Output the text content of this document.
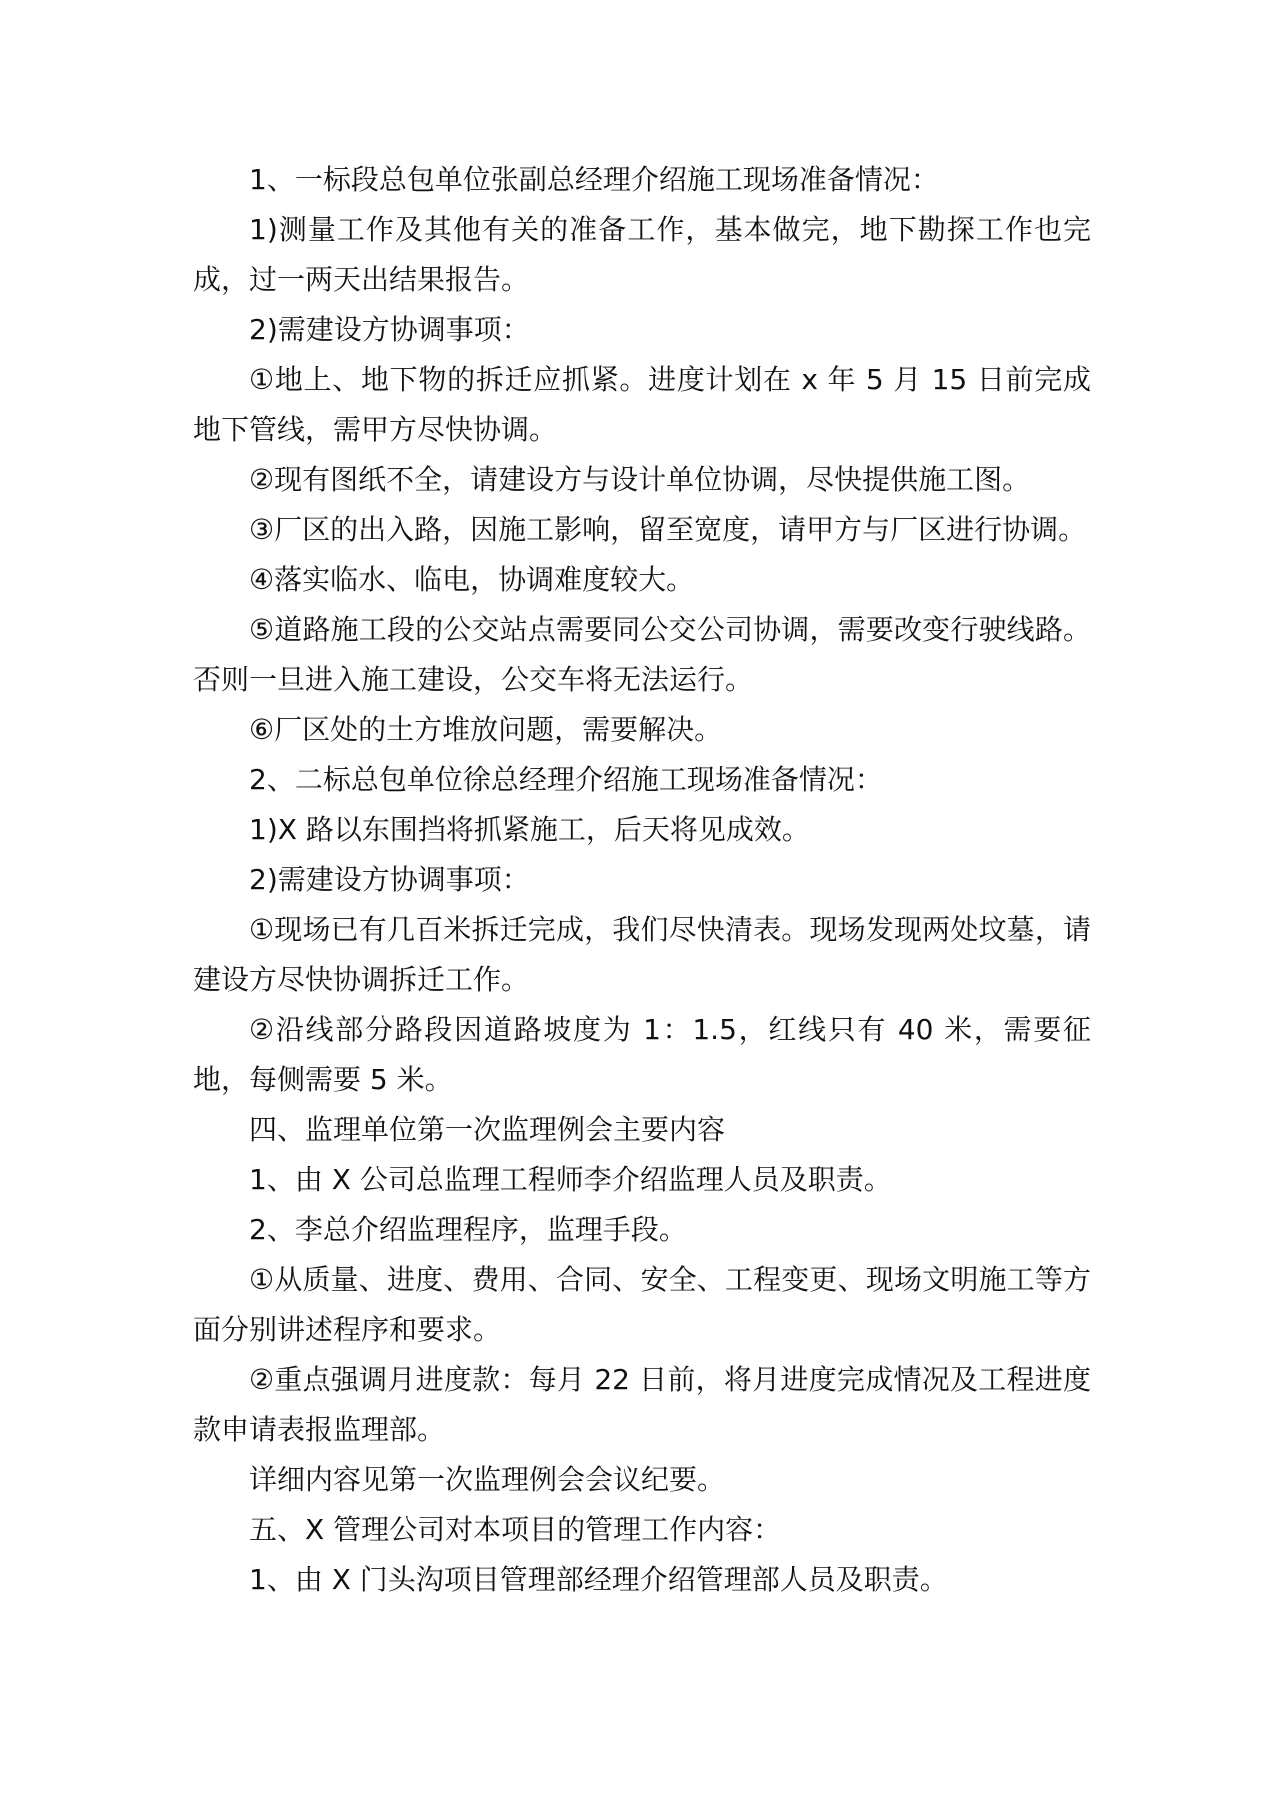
1、一标段总包单位张副总经理介绍施工现场准备情况：

1)测量工作及其他有关的准备工作，基本做完，地下勘探工作也完成，过一两天出结果报告。

2)需建设方协调事项：

①地上、地下物的拆迁应抓紧。进度计划在 x 年 5 月 15 日前完成地下管线，需甲方尽快协调。

②现有图纸不全，请建设方与设计单位协调，尽快提供施工图。

③厂区的出入路，因施工影响，留至宽度，请甲方与厂区进行协调。

④落实临水、临电，协调难度较大。

⑤道路施工段的公交站点需要同公交公司协调，需要改变行驶线路。否则一旦进入施工建设，公交车将无法运行。

⑥厂区处的土方堆放问题，需要解决。

2、二标总包单位徐总经理介绍施工现场准备情况：

1)X 路以东围挡将抓紧施工，后天将见成效。

2)需建设方协调事项：

①现场已有几百米拆迁完成，我们尽快清表。现场发现两处坟墓，请建设方尽快协调拆迁工作。

②沿线部分路段因道路坡度为 1：1.5，红线只有 40 米，需要征地，每侧需要 5 米。

四、监理单位第一次监理例会主要内容

1、由 X 公司总监理工程师李介绍监理人员及职责。

2、李总介绍监理程序，监理手段。

①从质量、进度、费用、合同、安全、工程变更、现场文明施工等方面分别讲述程序和要求。

②重点强调月进度款：每月 22 日前，将月进度完成情况及工程进度款申请表报监理部。

详细内容见第一次监理例会会议纪要。

五、X 管理公司对本项目的管理工作内容：

1、由 X 门头沟项目管理部经理介绍管理部人员及职责。
